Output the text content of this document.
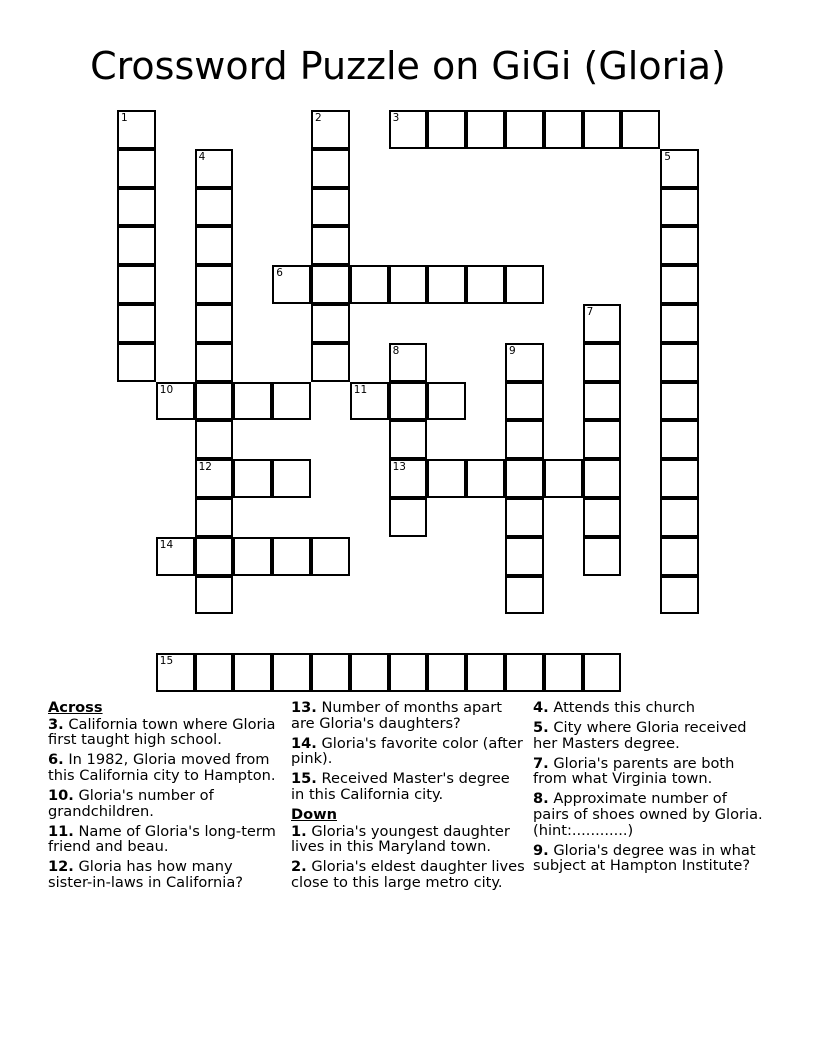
Crossword Puzzle on GiGi (Gloria)
1	2	3
4
12
5
6
7
8
13
9
10	11
14
15
Across
3. California town where Gloria first taught high school.
6. In 1982, Gloria moved from this California city to Hampton.
10. Gloria's number of grandchildren.
11. Name of Gloria's long-term friend and beau.
12. Gloria has how many sister-in-laws in California?
13. Number of months apart are Gloria's daughters?
14. Gloria's favorite color (after pink).
15. Received Master's degree in this California city.
Down
1. Gloria's youngest daughter lives in this Maryland town.
2. Gloria's eldest daughter lives close to this large metro city.
4. Attends this church
5. City where Gloria received her Masters degree.
7. Gloria's parents are both from what Virginia town.
8. Approximate number of pairs of shoes owned by Gloria. (hint:............)
9. Gloria's degree was in what subject at Hampton Institute?
